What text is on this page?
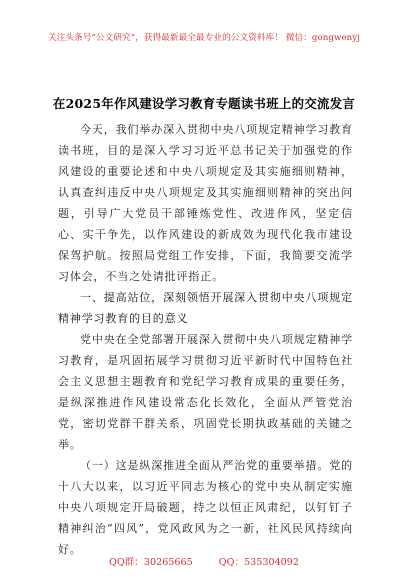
关注头条号“公文研究”，获得最新最全最专业的公文资料库！ 微信：gongwenyj
在2025年作风建设学习教育专题读书班上的交流发言

今天，我们举办深入贯彻中央八项规定精神学习教育读书班，目的是深入学习习近平总书记关于加强党的作风建设的重要论述和中央八项规定及其实施细则精神，认真查纠违反中央八项规定及其实施细则精神的突出问题，引导广大党员干部锤炼党性、改进作风，坚定信心、实干争先，以作风建设的新成效为现代化我市建设保驾护航。按照局党组工作安排，下面，我简要交流学习体会，不当之处请批评指正。

一、提高站位，深刻领悟开展深入贯彻中央八项规定精神学习教育的目的意义

党中央在全党部署开展深入贯彻中央八项规定精神学习教育，是巩固拓展学习贯彻习近平新时代中国特色社会主义思想主题教育和党纪学习教育成果的重要任务，是纵深推进作风建设常态化长效化，全面从严管党治党，密切党群干群关系，巩固党长期执政基础的关键之举。

（一）这是纵深推进全面从严治党的重要举措。党的十八大以来，以习近平同志为核心的党中央从制定实施中央八项规定开局破题，持之以恒正风肃纪，以钉钉子精神纠治“四风”，党风政风为之一新，社风民风持续向好。

QQ群：30265665	QQ：535304092
